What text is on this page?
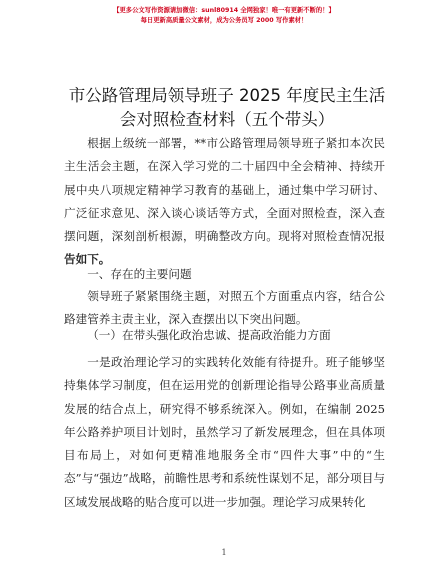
【更多公文写作资源请加微信：sunl80914 全网独家！唯一有更新不断的！】
每日更新高质量公文素材，成为公务员写 2000 写作素材！
市公路管理局领导班子 2025 年度民主生活会对照检查材料（五个带头）

根据上级统一部署，**市公路管理局领导班子紧扣本次民主生活会主题，在深入学习党的二十届四中全会精神、持续开展中央八项规定精神学习教育的基础上，通过集中学习研讨、广泛征求意见、深入谈心谈话等方式，全面对照检查，深入查摆问题，深刻剖析根源，明确整改方向。现将对照检查情况报告如下。

一、存在的主要问题

领导班子紧紧围绕主题，对照五个方面重点内容，结合公路建管养主责主业，深入查摆出以下突出问题。

（一）在带头强化政治忠诚、提高政治能力方面

一是政治理论学习的实践转化效能有待提升。班子能够坚持集体学习制度，但在运用党的创新理论指导公路事业高质量发展的结合点上，研究得不够系统深入。例如，在编制 2025 年公路养护项目计划时，虽然学习了新发展理念，但在具体项目布局上，对如何更精准地服务全市“四件大事”中的“生态”与“强边”战略，前瞻性思考和系统性谋划不足，部分项目与区域发展战略的贴合度可以进一步加强。理论学习成果转化

1
